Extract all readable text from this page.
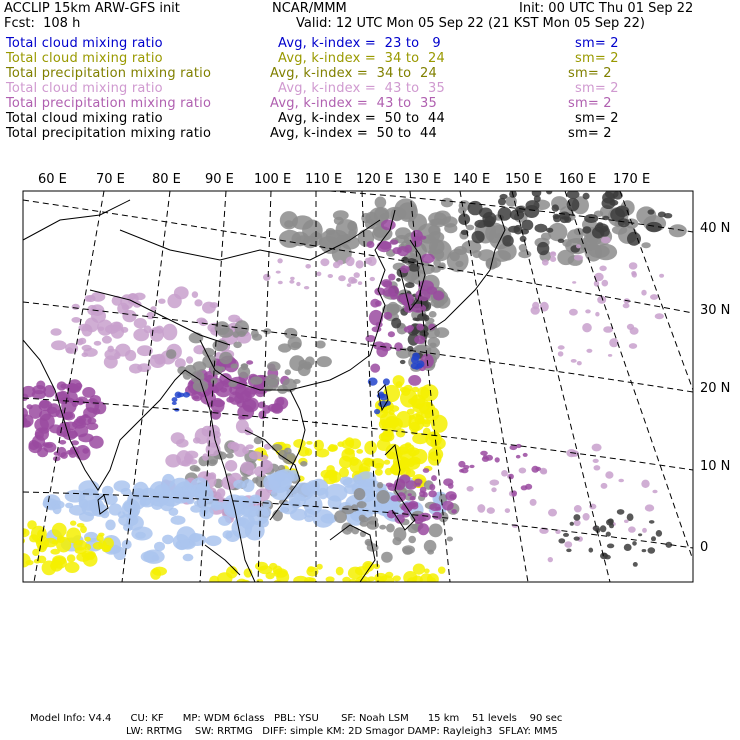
ACCLIP 15km ARW-GFS init	NCAR/MMM	Init: 00 UTC Thu 01 Sep 22
Fcst:  108 h	Valid: 12 UTC Mon 05 Sep 22 (21 KST Mon 05 Sep 22)
Total cloud mixing ratio	Avg, k-index =  23 to   9	sm= 2
Total cloud mixing ratio	Avg, k-index =  34 to  24	sm= 2
Total precipitation mixing ratio	Avg, k-index =  34 to  24	sm= 2
Total cloud mixing ratio	Avg, k-index =  43 to  35	sm= 2
Total precipitation mixing ratio	Avg, k-index =  43 to  35	sm= 2
Total cloud mixing ratio	Avg, k-index =  50 to  44	sm= 2
Total precipitation mixing ratio	Avg, k-index =  50 to  44	sm= 2
60 E 70 E 80 E 90 E 100 E 110 E 120 E 130 E 140 E 150 E 160 E 170 E
40 N
30 N
20 N
10 N
0
Model Info: V4.4      CU: KF      MP: WDM 6class   PBL: YSU       SF: Noah LSM      15 km    51 levels    90 sec
LW: RRTMG    SW: RRTMG   DIFF: simple KM: 2D Smagor DAMP: Rayleigh3  SFLAY: MM5
